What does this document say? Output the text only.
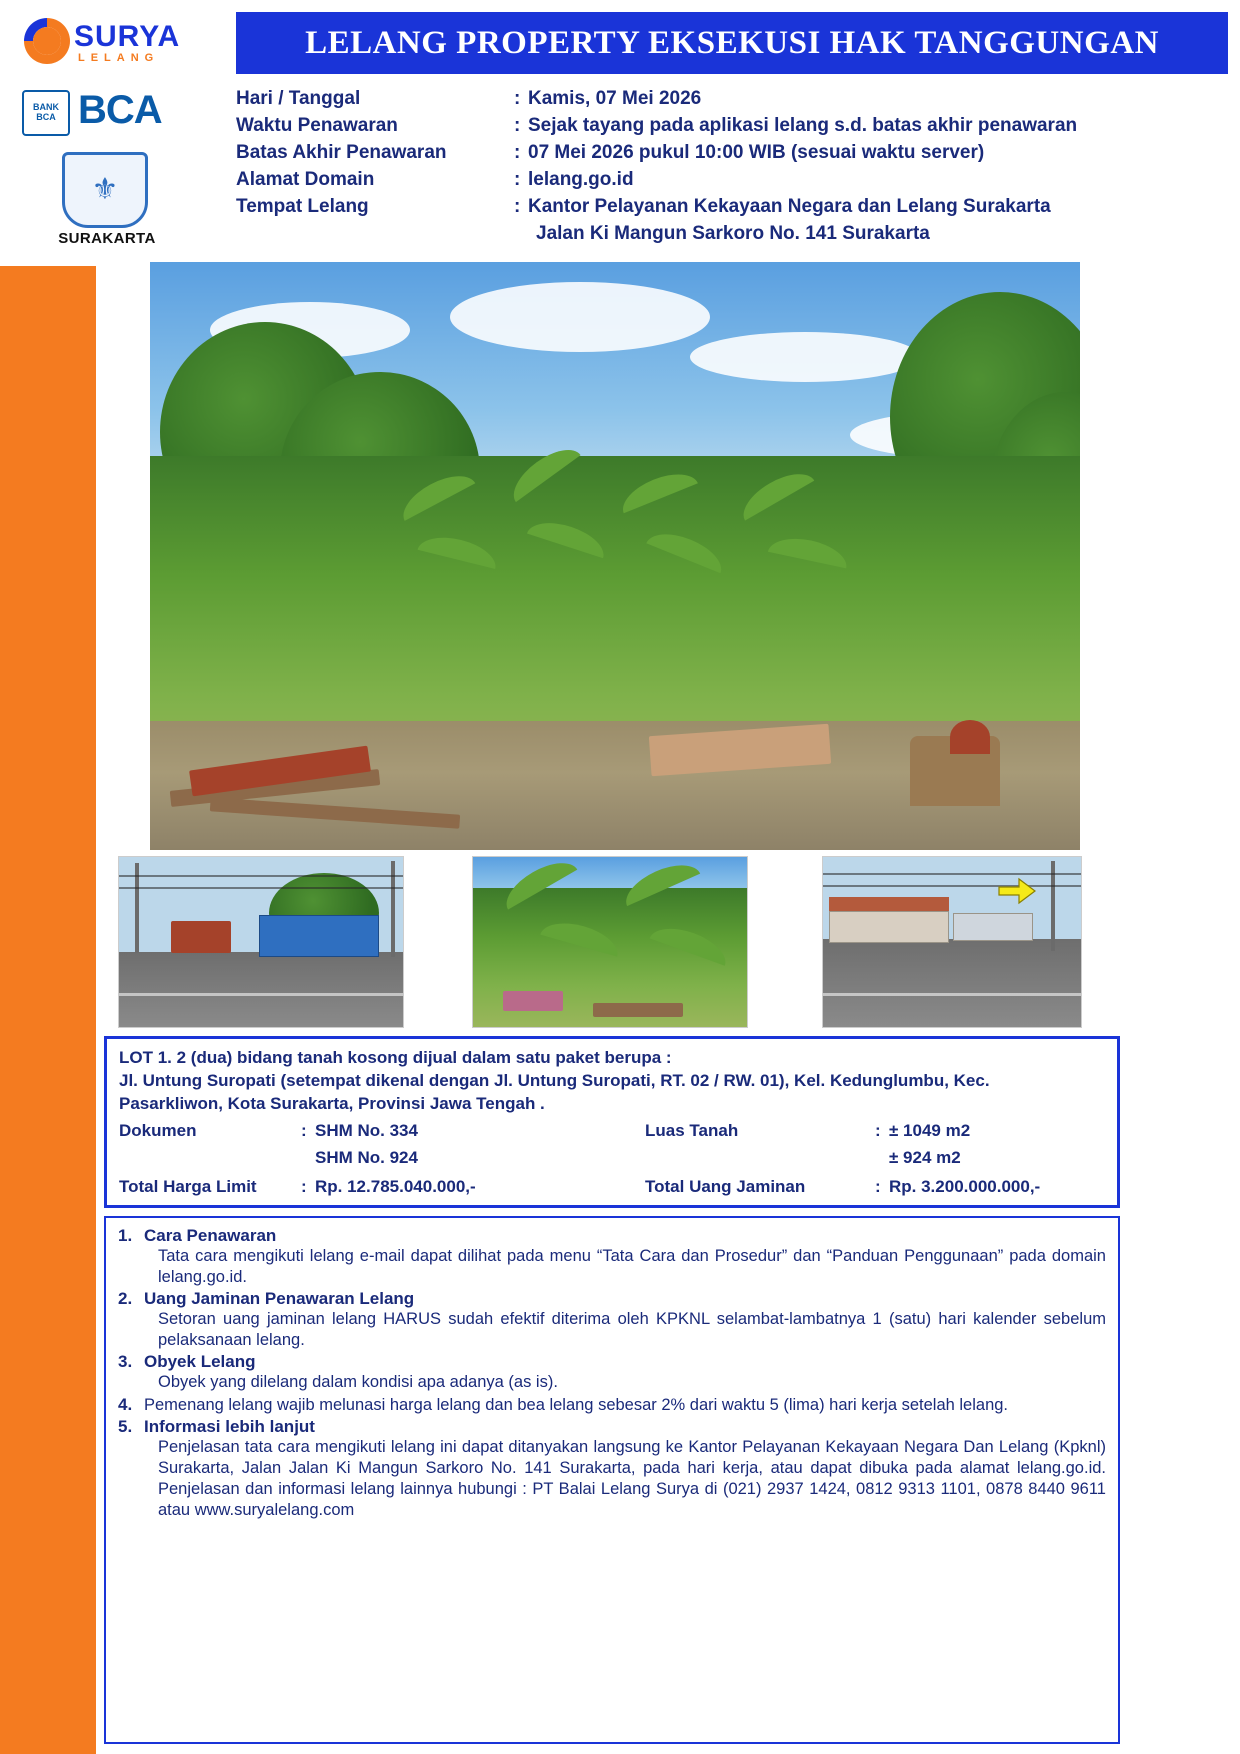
SURYA
LELANG
BANK BCA BCA
⚜
SURAKARTA
LELANG PROPERTY EKSEKUSI HAK TANGGUNGAN
Hari / Tanggal	: Kamis, 07 Mei 2026
Waktu Penawaran	: Sejak tayang pada aplikasi lelang s.d. batas akhir penawaran
Batas Akhir Penawaran	: 07 Mei 2026 pukul 10:00 WIB (sesuai waktu server)
Alamat Domain	: lelang.go.id
Tempat Lelang	: Kantor Pelayanan Kekayaan Negara dan Lelang Surakarta
Jalan Ki Mangun Sarkoro No. 141 Surakarta
LOT 1. 2 (dua) bidang tanah kosong dijual dalam satu paket berupa :
Jl. Untung Suropati (setempat dikenal dengan Jl. Untung Suropati, RT. 02 / RW. 01), Kel. Kedunglumbu, Kec.
Pasarkliwon, Kota Surakarta, Provinsi Jawa Tengah .
Dokumen	: SHM No. 334	Luas Tanah	: ± 1049 m2
SHM No. 924	± 924 m2
Total Harga Limit	: Rp. 12.785.040.000,-	Total Uang Jaminan	: Rp. 3.200.000.000,-
1. Cara Penawaran
Tata cara mengikuti lelang e-mail dapat dilihat pada menu “Tata Cara dan Prosedur” dan “Panduan Penggunaan” pada domain lelang.go.id.
2. Uang Jaminan Penawaran Lelang
Setoran uang jaminan lelang HARUS sudah efektif diterima oleh KPKNL selambat-lambatnya 1 (satu) hari kalender sebelum pelaksanaan lelang.
3. Obyek Lelang
Obyek yang dilelang dalam kondisi apa adanya (as is).
4. Pemenang lelang wajib melunasi harga lelang dan bea lelang sebesar 2% dari waktu 5 (lima) hari kerja setelah lelang.
5. Informasi lebih lanjut
Penjelasan tata cara mengikuti lelang ini dapat ditanyakan langsung ke Kantor Pelayanan Kekayaan Negara Dan Lelang (Kpknl) Surakarta, Jalan Jalan Ki Mangun Sarkoro No. 141 Surakarta, pada hari kerja, atau dapat dibuka pada alamat lelang.go.id. Penjelasan dan informasi lelang lainnya hubungi : PT Balai Lelang Surya di (021) 2937 1424, 0812 9313 1101, 0878 8440 9611 atau www.suryalelang.com
